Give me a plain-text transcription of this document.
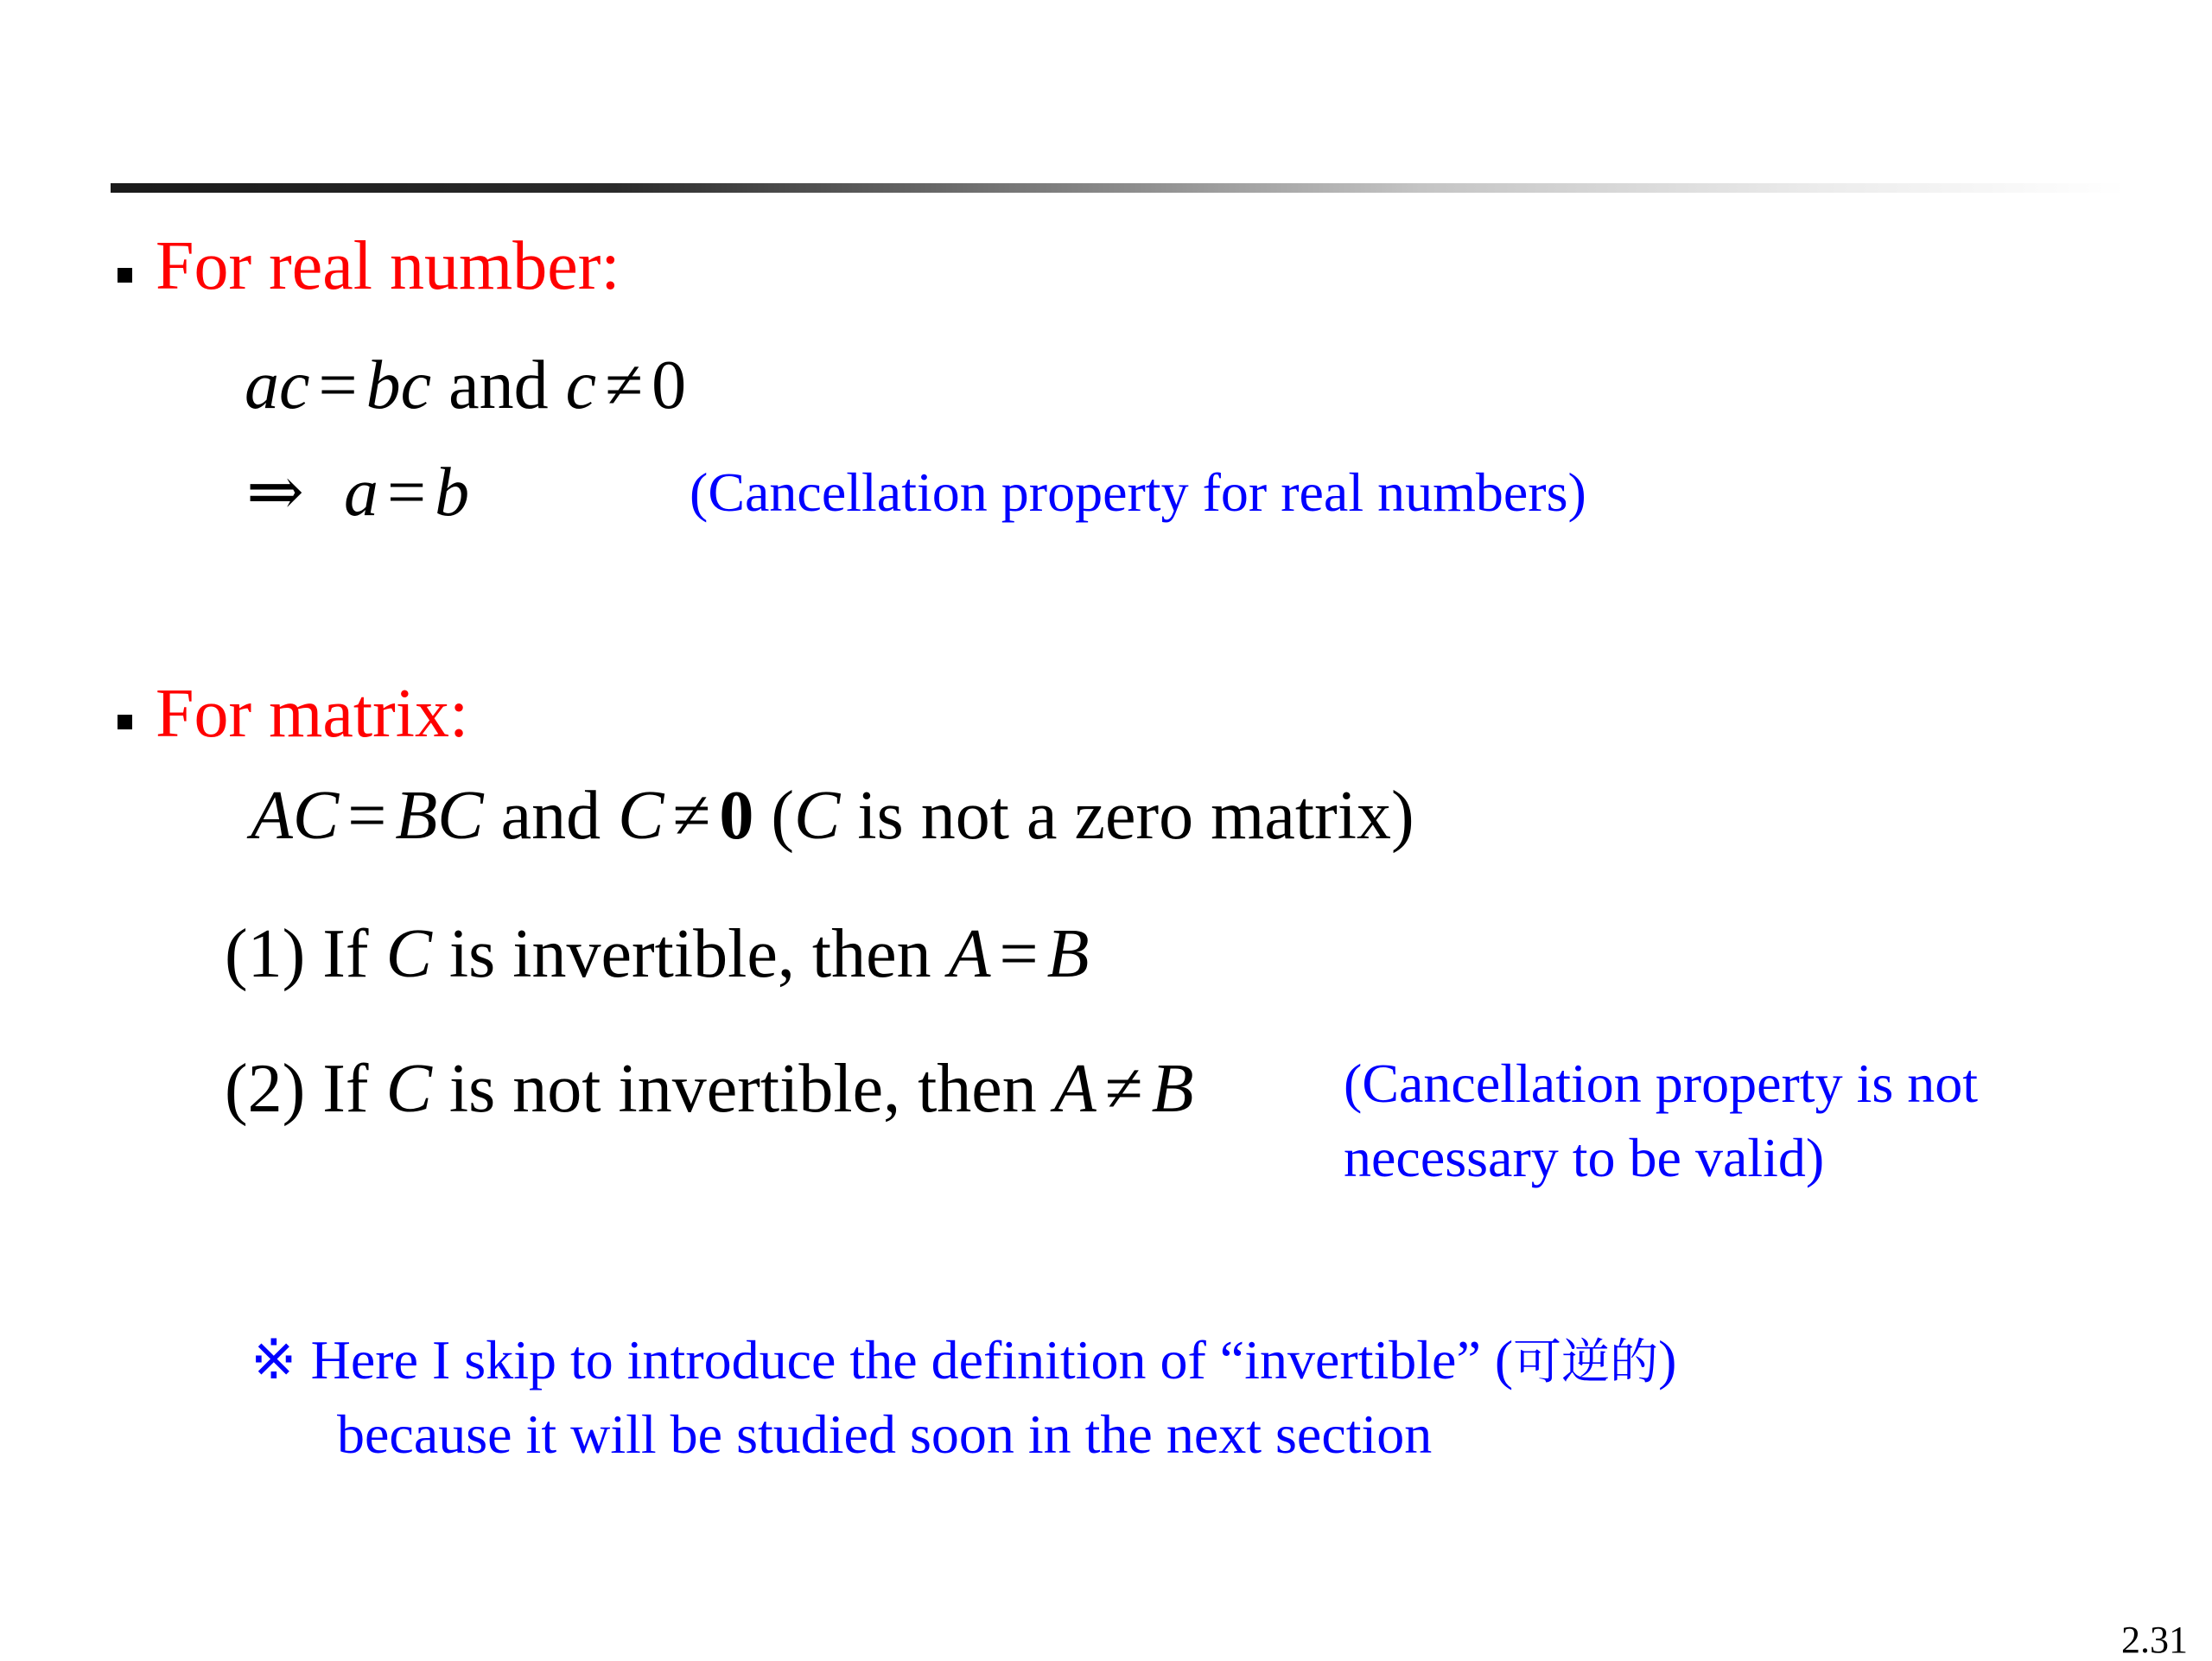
For real number:
ac = bc and c ≠ 0
⇒ a = b	(Cancellation property for real numbers)
For matrix:
AC = BC and C ≠ 0 (C is not a zero matrix)
(1) If C is invertible, then A = B
(2) If C is not invertible, then A ≠ B	(Cancellation property is not
necessary to be valid)
※ Here I skip to introduce the definition of “invertible” (可逆的)
because it will be studied soon in the next section
2.31
